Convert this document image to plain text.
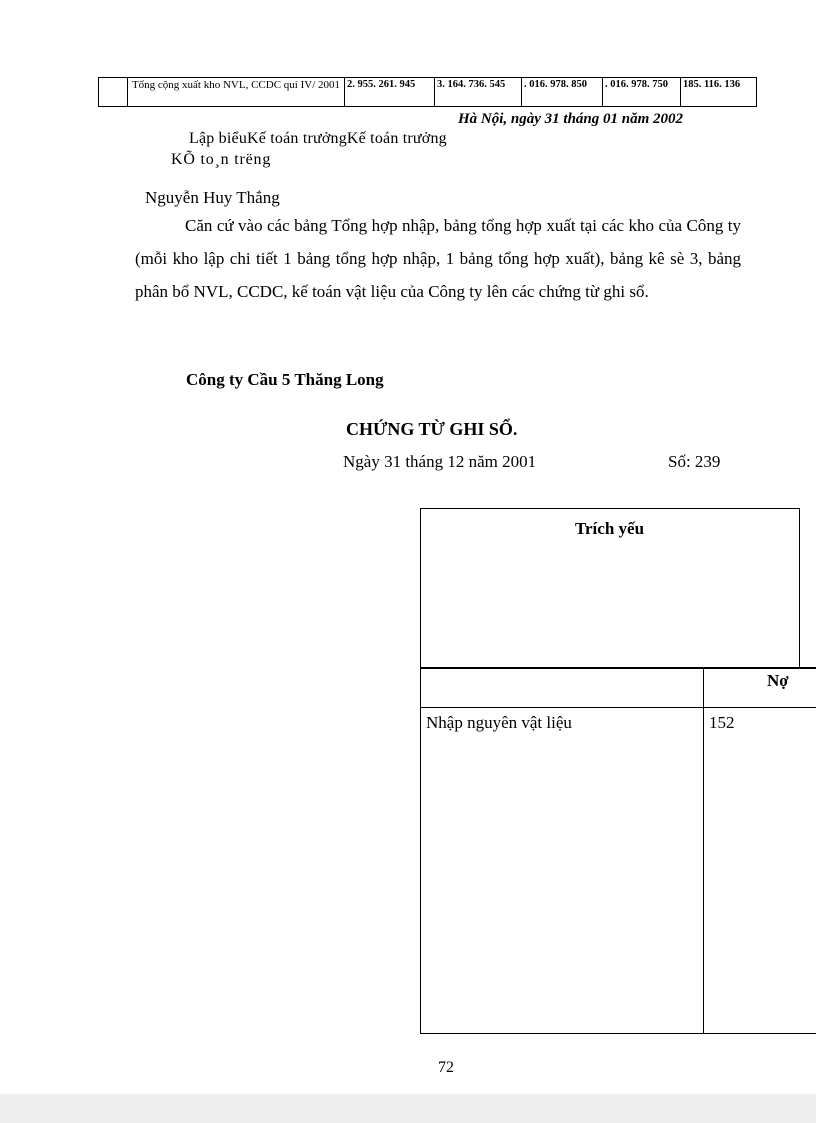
Tổng cộng xuất kho NVL, CCDC quí IV/ 2001 2. 955. 261. 945	3. 164. 736. 545	. 016. 978. 850	. 016. 978. 750	185. 116. 136
Hà Nội, ngày 31 tháng 01 năm 2002
Lập biểuKế toán trưởngKế toán trưởng
KÕ to¸n trëng
Nguyễn Huy Thắng
Căn cứ vào các bảng Tổng hợp nhập, bảng tổng hợp xuất tại các kho của Công ty (mỗi kho lập chi tiết 1 bảng tổng hợp nhập, 1 bảng tổng hợp xuất), bảng kê sè 3, bảng phân bổ NVL, CCDC, kế toán vật liệu của Công ty lên các chứng từ ghi sổ.
Công ty Cầu 5 Thăng Long
CHỨNG TỪ GHI SỔ.
Ngày 31 tháng 12 năm 2001	Số: 239
Trích yếu
Nợ
Nhập nguyên vật liệu	152
72
